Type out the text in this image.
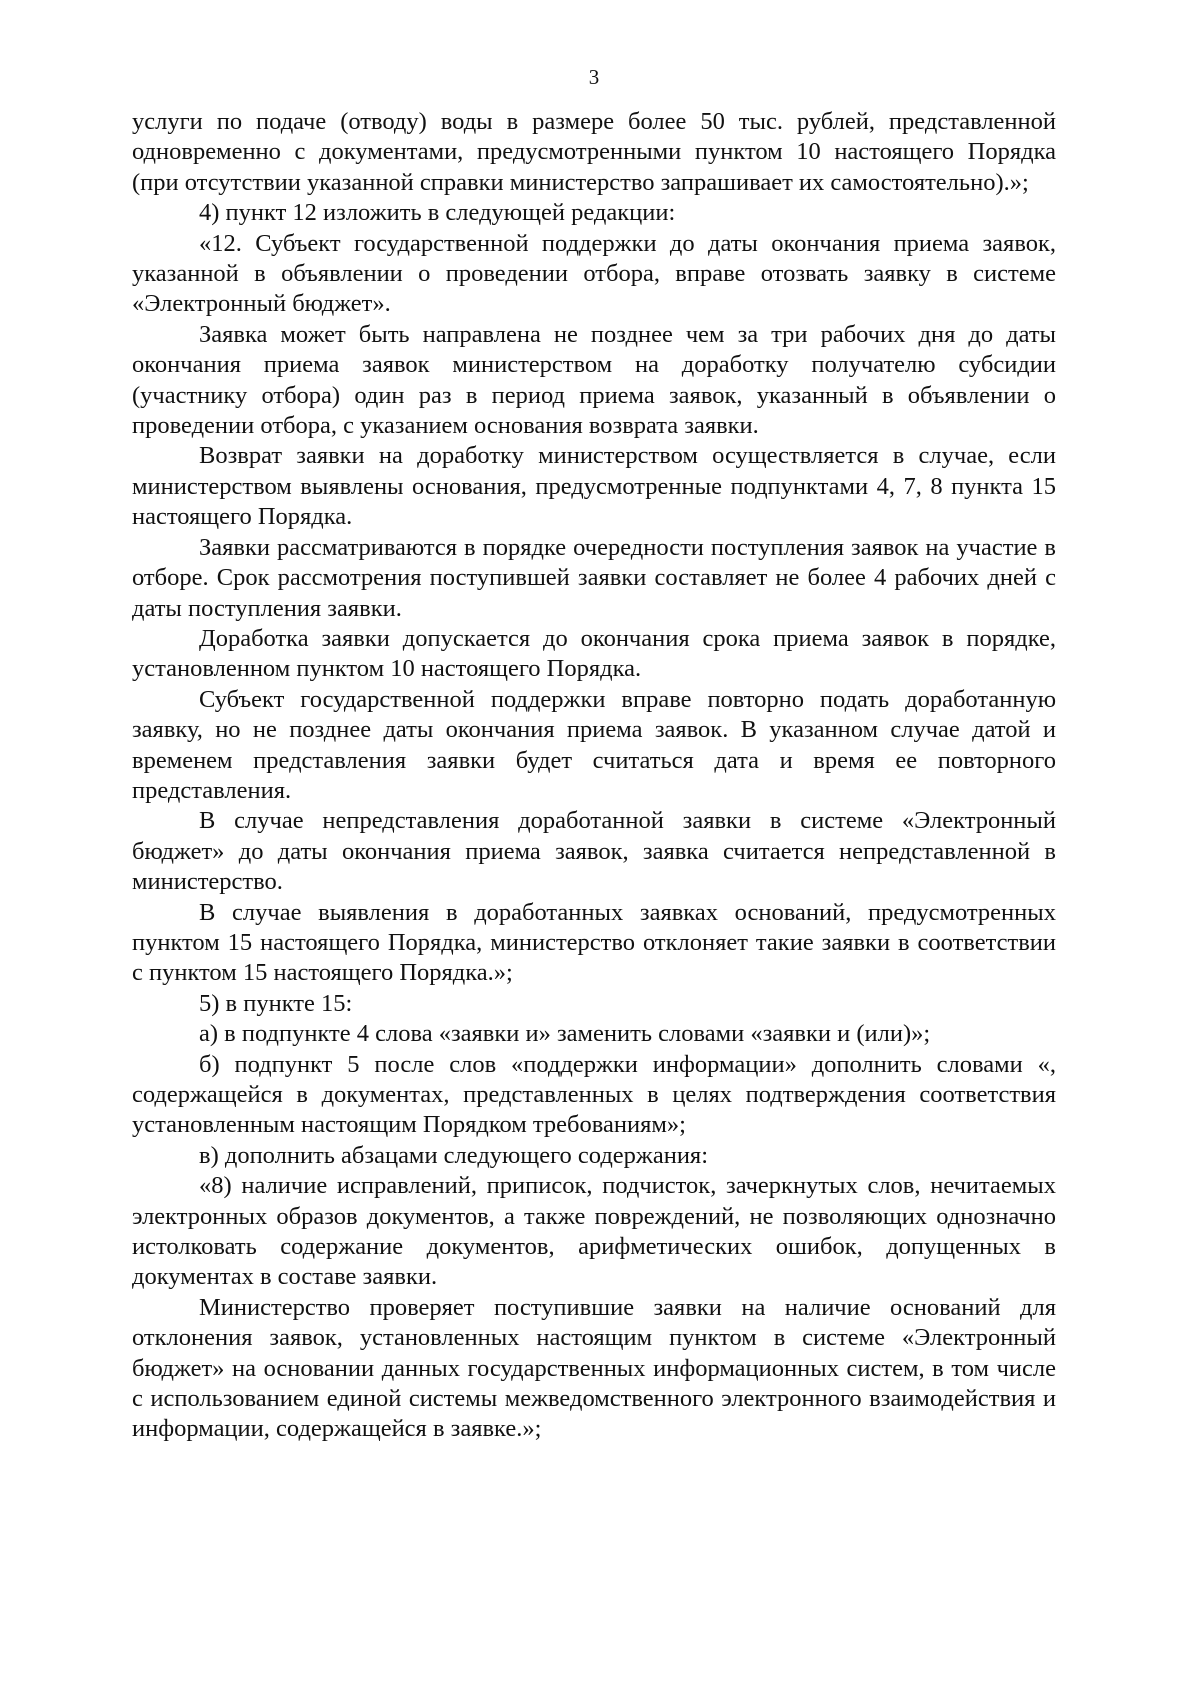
3

услуги по подаче (отводу) воды в размере более 50 тыс. рублей, представленной одновременно с документами, предусмотренными пунктом 10 настоящего Порядка (при отсутствии указанной справки министерство запрашивает их самостоятельно).»;

4) пункт 12 изложить в следующей редакции:

«12. Субъект государственной поддержки до даты окончания приема заявок, указанной в объявлении о проведении отбора, вправе отозвать заявку в системе «Электронный бюджет».

Заявка может быть направлена не позднее чем за три рабочих дня до даты окончания приема заявок министерством на доработку получателю субсидии (участнику отбора) один раз в период приема заявок, указанный в объявлении о проведении отбора, с указанием основания возврата заявки.

Возврат заявки на доработку министерством осуществляется в случае, если министерством выявлены основания, предусмотренные подпунктами 4, 7, 8 пункта 15 настоящего Порядка.

Заявки рассматриваются в порядке очередности поступления заявок на участие в отборе. Срок рассмотрения поступившей заявки составляет не более 4 рабочих дней с даты поступления заявки.

Доработка заявки допускается до окончания срока приема заявок в порядке, установленном пунктом 10 настоящего Порядка.

Субъект государственной поддержки вправе повторно подать доработанную заявку, но не позднее даты окончания приема заявок. В указанном случае датой и временем представления заявки будет считаться дата и время ее повторного представления.

В случае непредставления доработанной заявки в системе «Электронный бюджет» до даты окончания приема заявок, заявка считается непредставленной в министерство.

В случае выявления в доработанных заявках оснований, предусмотренных пунктом 15 настоящего Порядка, министерство отклоняет такие заявки в соответствии с пунктом 15 настоящего Порядка.»;

5) в пункте 15:

а) в подпункте 4 слова «заявки и» заменить словами «заявки и (или)»;

б) подпункт 5 после слов «поддержки информации» дополнить словами «, содержащейся в документах, представленных в целях подтверждения соответствия установленным настоящим Порядком требованиям»;

в) дополнить абзацами следующего содержания:

«8) наличие исправлений, приписок, подчисток, зачеркнутых слов, нечитаемых электронных образов документов, а также повреждений, не позволяющих однозначно истолковать содержание документов, арифметических ошибок, допущенных в документах в составе заявки.

Министерство проверяет поступившие заявки на наличие оснований для отклонения заявок, установленных настоящим пунктом в системе «Электронный бюджет» на основании данных государственных информационных систем, в том числе с использованием единой системы межведомственного электронного взаимодействия и информации, содержащейся в заявке.»;
